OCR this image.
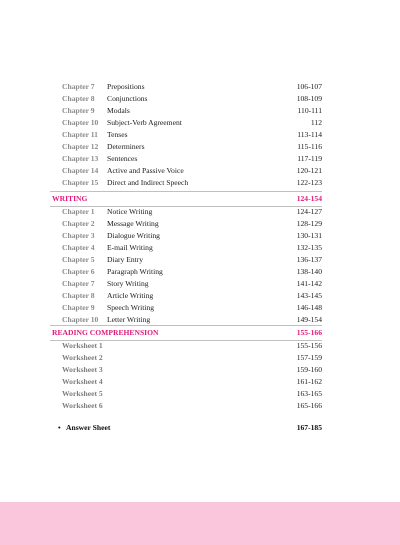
Chapter 7 Prepositions	106-107
Chapter 8 Conjunctions	108-109
Chapter 9 Modals	110-111
Chapter 10 Subject-Verb Agreement	112
Chapter 11 Tenses	113-114
Chapter 12 Determiners	115-116
Chapter 13 Sentences	117-119
Chapter 14 Active and Passive Voice	120-121
Chapter 15 Direct and Indirect Speech	122-123
WRITING	124-154
Chapter 1 Notice Writing	124-127
Chapter 2 Message Writing	128-129
Chapter 3 Dialogue Writing	130-131
Chapter 4 E-mail Writing	132-135
Chapter 5 Diary Entry	136-137
Chapter 6 Paragraph Writing	138-140
Chapter 7 Story Writing	141-142
Chapter 8 Article Writing	143-145
Chapter 9 Speech Writing	146-148
Chapter 10 Letter Writing	149-154
READING COMPREHENSION	155-166
Worksheet 1	155-156
Worksheet 2	157-159
Worksheet 3	159-160
Worksheet 4	161-162
Worksheet 5	163-165
Worksheet 6	165-166
• Answer Sheet	167-185
